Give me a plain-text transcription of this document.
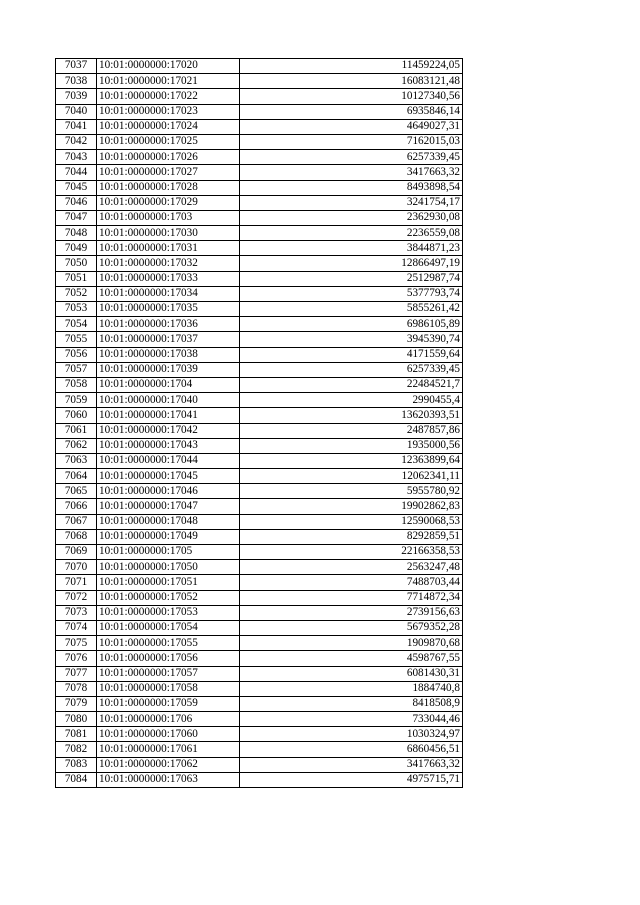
7037	10:01:0000000:17020	11459224,05
7038	10:01:0000000:17021	16083121,48
7039	10:01:0000000:17022	10127340,56
7040	10:01:0000000:17023	6935846,14
7041	10:01:0000000:17024	4649027,31
7042	10:01:0000000:17025	7162015,03
7043	10:01:0000000:17026	6257339,45
7044	10:01:0000000:17027	3417663,32
7045	10:01:0000000:17028	8493898,54
7046	10:01:0000000:17029	3241754,17
7047	10:01:0000000:1703	2362930,08
7048	10:01:0000000:17030	2236559,08
7049	10:01:0000000:17031	3844871,23
7050	10:01:0000000:17032	12866497,19
7051	10:01:0000000:17033	2512987,74
7052	10:01:0000000:17034	5377793,74
7053	10:01:0000000:17035	5855261,42
7054	10:01:0000000:17036	6986105,89
7055	10:01:0000000:17037	3945390,74
7056	10:01:0000000:17038	4171559,64
7057	10:01:0000000:17039	6257339,45
7058	10:01:0000000:1704	22484521,7
7059	10:01:0000000:17040	2990455,4
7060	10:01:0000000:17041	13620393,51
7061	10:01:0000000:17042	2487857,86
7062	10:01:0000000:17043	1935000,56
7063	10:01:0000000:17044	12363899,64
7064	10:01:0000000:17045	12062341,11
7065	10:01:0000000:17046	5955780,92
7066	10:01:0000000:17047	19902862,83
7067	10:01:0000000:17048	12590068,53
7068	10:01:0000000:17049	8292859,51
7069	10:01:0000000:1705	22166358,53
7070	10:01:0000000:17050	2563247,48
7071	10:01:0000000:17051	7488703,44
7072	10:01:0000000:17052	7714872,34
7073	10:01:0000000:17053	2739156,63
7074	10:01:0000000:17054	5679352,28
7075	10:01:0000000:17055	1909870,68
7076	10:01:0000000:17056	4598767,55
7077	10:01:0000000:17057	6081430,31
7078	10:01:0000000:17058	1884740,8
7079	10:01:0000000:17059	8418508,9
7080	10:01:0000000:1706	733044,46
7081	10:01:0000000:17060	1030324,97
7082	10:01:0000000:17061	6860456,51
7083	10:01:0000000:17062	3417663,32
7084	10:01:0000000:17063	4975715,71
